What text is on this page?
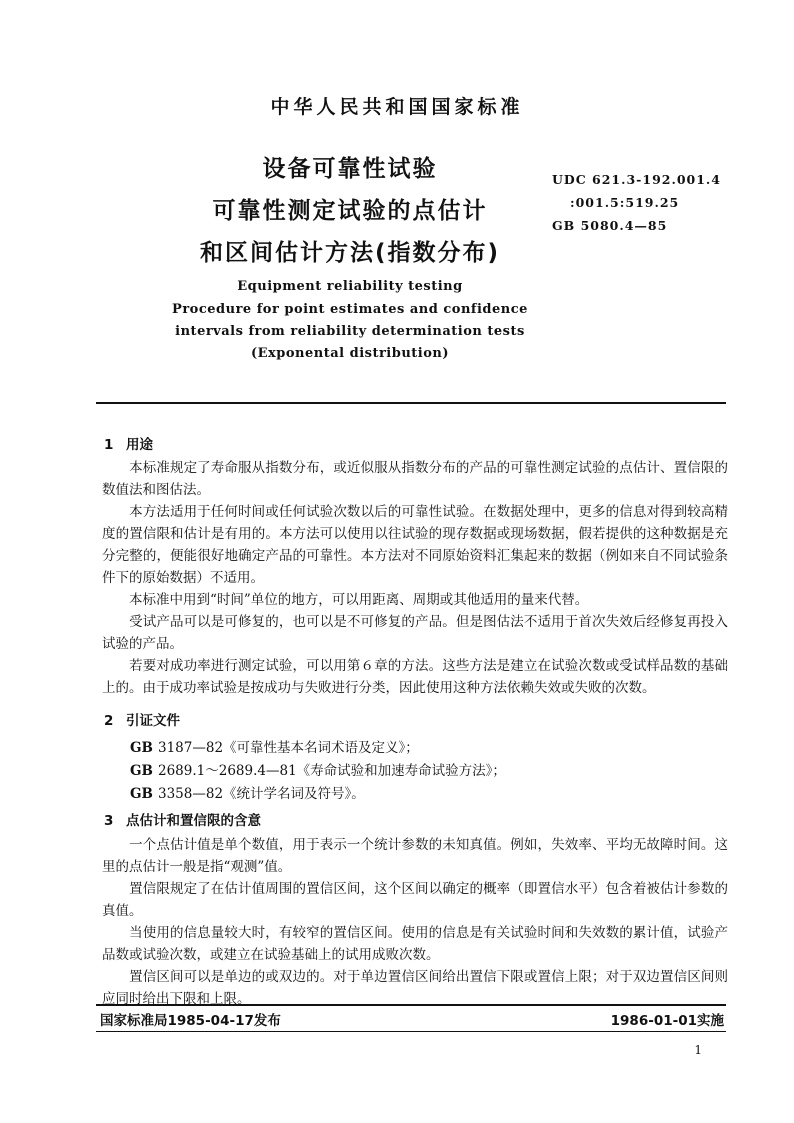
中华人民共和国国家标准
设备可靠性试验
可靠性测定试验的点估计
和区间估计方法(指数分布)
Equipment reliability testing
Procedure for point estimates and confidence
intervals from reliability determination tests
(Exponental distribution)
UDC 621.3-192.001.4
:001.5:519.25
GB 5080.4—85
1 用途
本标准规定了寿命服从指数分布，或近似服从指数分布的产品的可靠性测定试验的点估计、置信限的数值法和图估法。
本方法适用于任何时间或任何试验次数以后的可靠性试验。在数据处理中，更多的信息对得到较高精度的置信限和估计是有用的。本方法可以使用以往试验的现存数据或现场数据，假若提供的这种数据是充分完整的，便能很好地确定产品的可靠性。本方法对不同原始资料汇集起来的数据（例如来自不同试验条件下的原始数据）不适用。
本标准中用到“时间”单位的地方，可以用距离、周期或其他适用的量来代替。
受试产品可以是可修复的，也可以是不可修复的产品。但是图估法不适用于首次失效后经修复再投入试验的产品。
若要对成功率进行测定试验，可以用第６章的方法。这些方法是建立在试验次数或受试样品数的基础上的。由于成功率试验是按成功与失败进行分类，因此使用这种方法依赖失效或失败的次数。
2 引证文件
GB 3187—82《可靠性基本名词术语及定义》；
GB 2689.1～2689.4—81《寿命试验和加速寿命试验方法》；
GB 3358—82《统计学名词及符号》。
3 点估计和置信限的含意
一个点估计值是单个数值，用于表示一个统计参数的未知真值。例如，失效率、平均无故障时间。这里的点估计一般是指“观测”值。
置信限规定了在估计值周围的置信区间，这个区间以确定的概率（即置信水平）包含着被估计参数的真值。
当使用的信息量较大时，有较窄的置信区间。使用的信息是有关试验时间和失效数的累计值，试验产品数或试验次数，或建立在试验基础上的试用成败次数。
置信区间可以是单边的或双边的。对于单边置信区间给出置信下限或置信上限；对于双边置信区间则应同时给出下限和上限。
国家标准局1985-04-17发布	1986-01-01实施
1
